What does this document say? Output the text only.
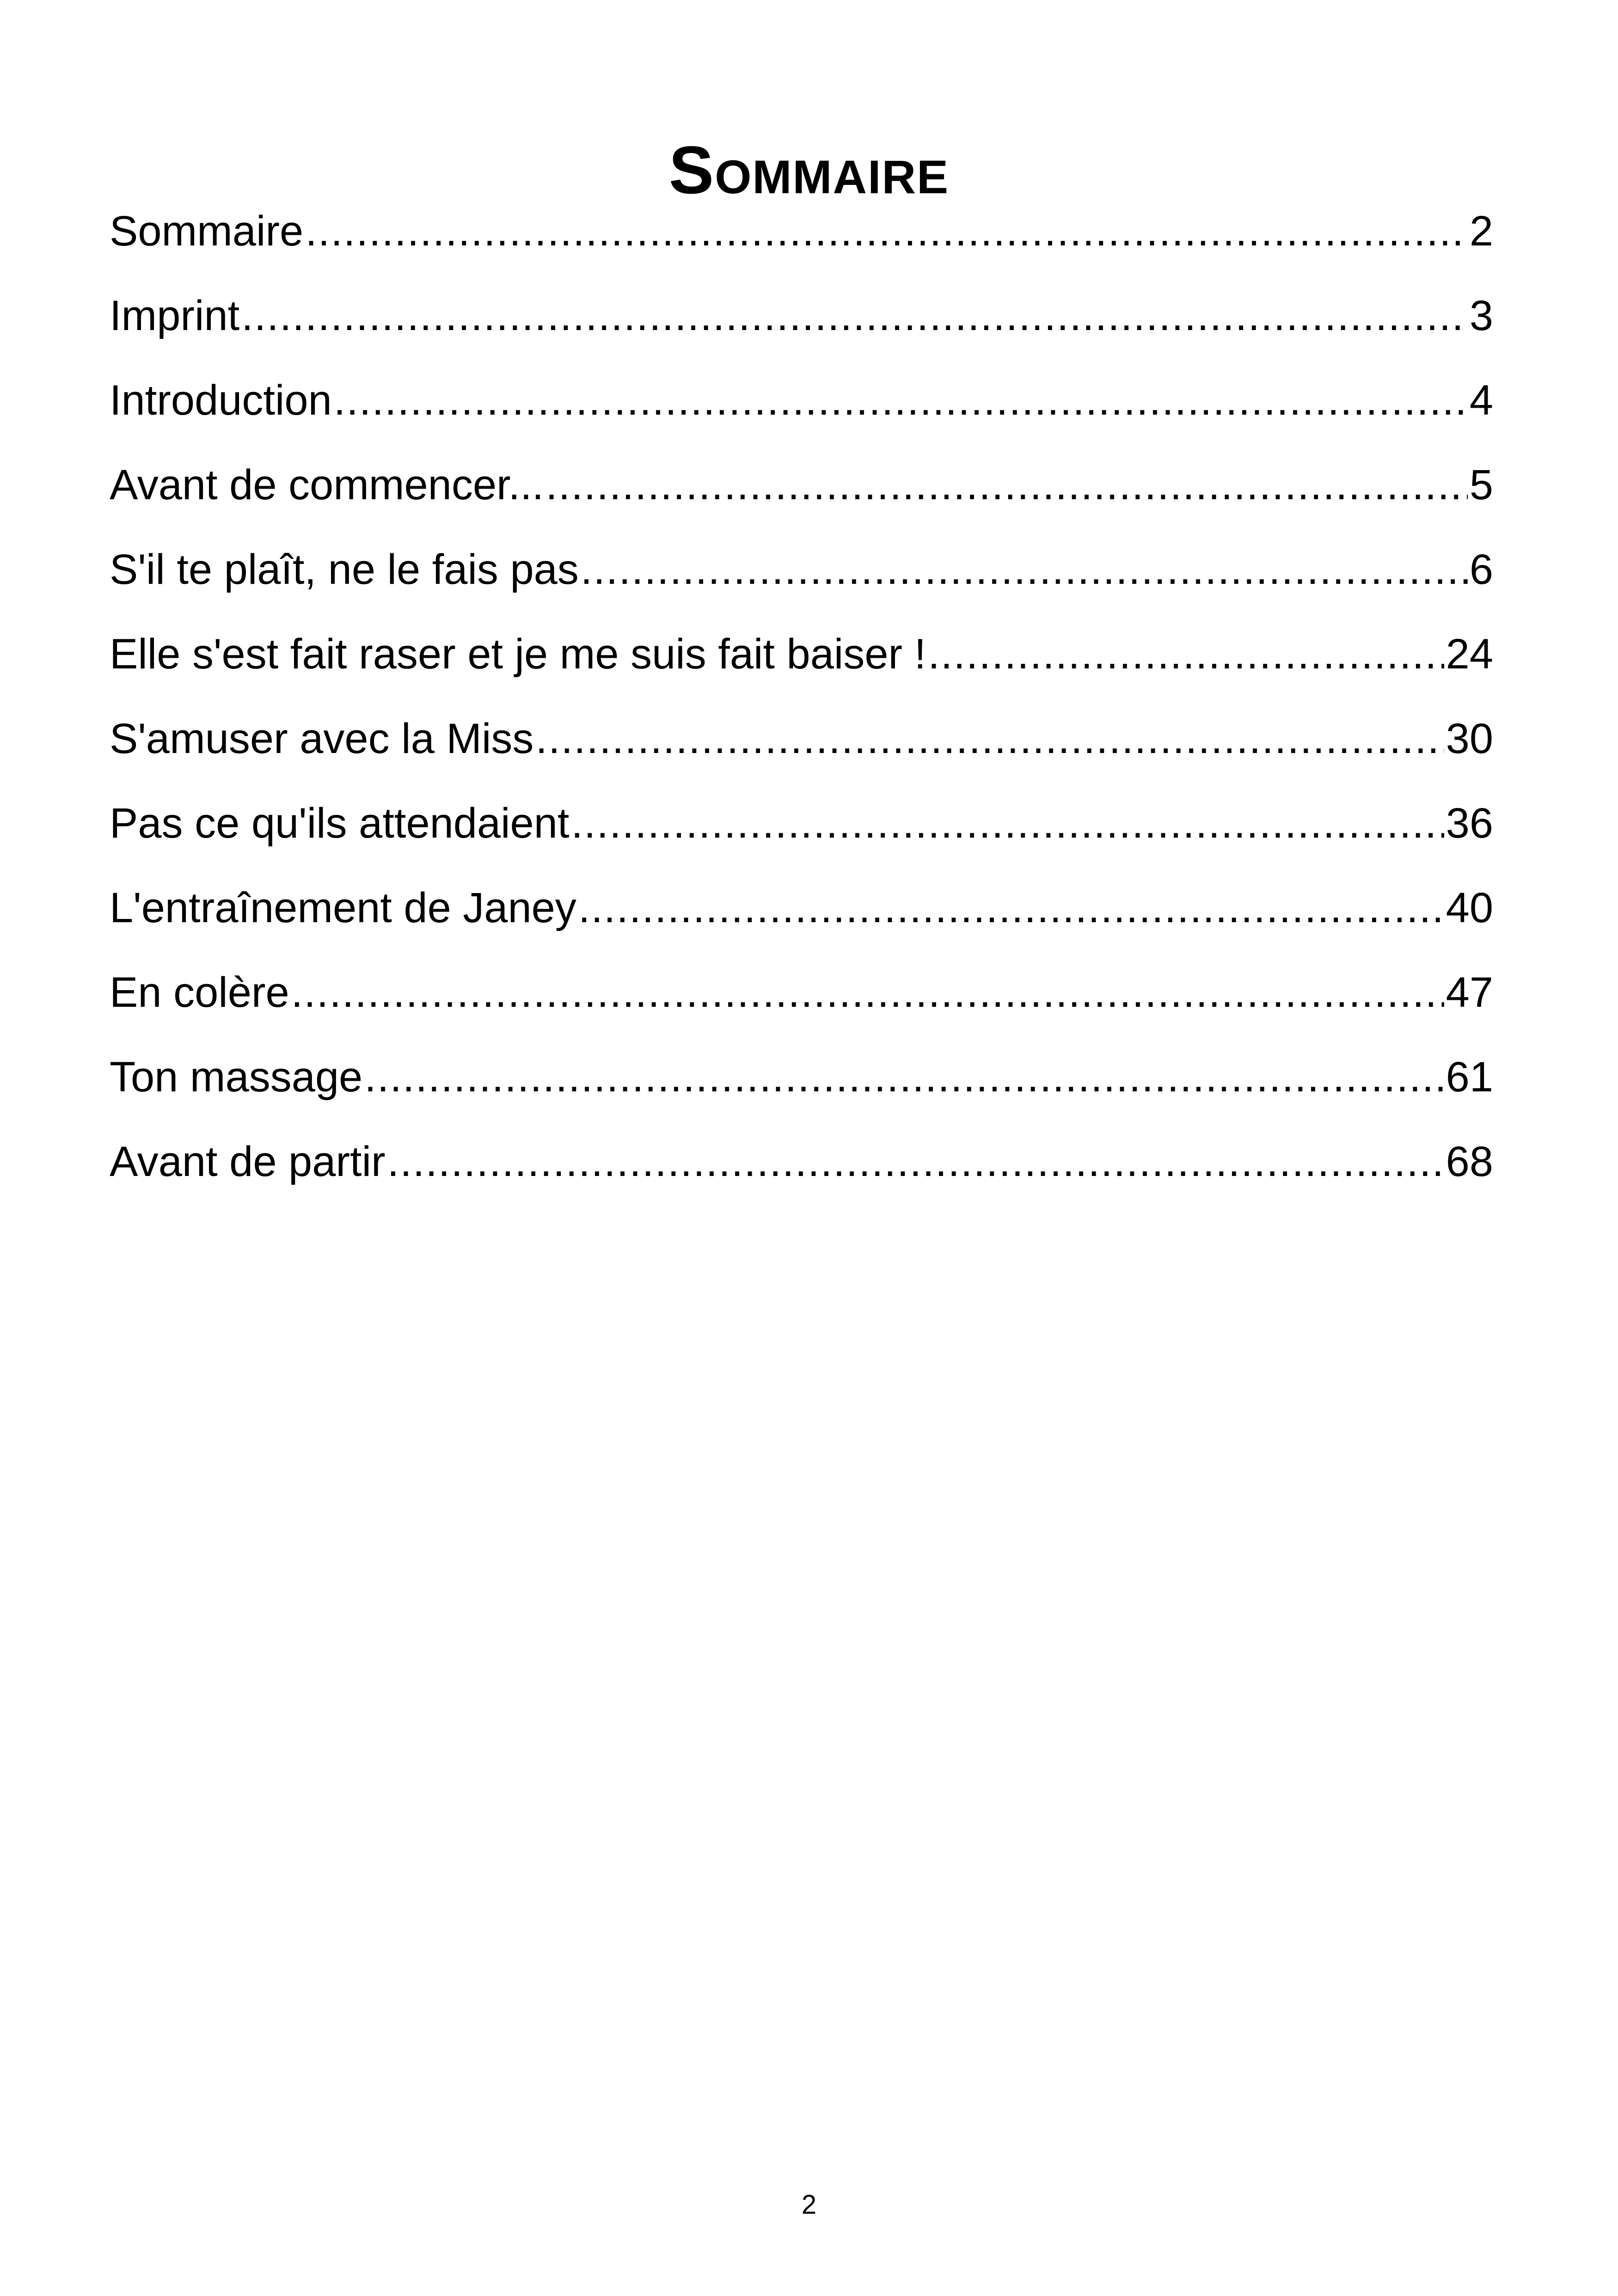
Sommaire
Sommaire .....	2
Imprint .....	3
Introduction .....	4
Avant de commencer... .....	5
S'il te plaît, ne le fais pas .....	6
Elle s'est fait raser et je me suis fait baiser ! .....	24
S'amuser avec la Miss .....	30
Pas ce qu'ils attendaient .....	36
L'entraînement de Janey .....	40
En colère .....	47
Ton massage .....	61
Avant de partir .....	68
2
